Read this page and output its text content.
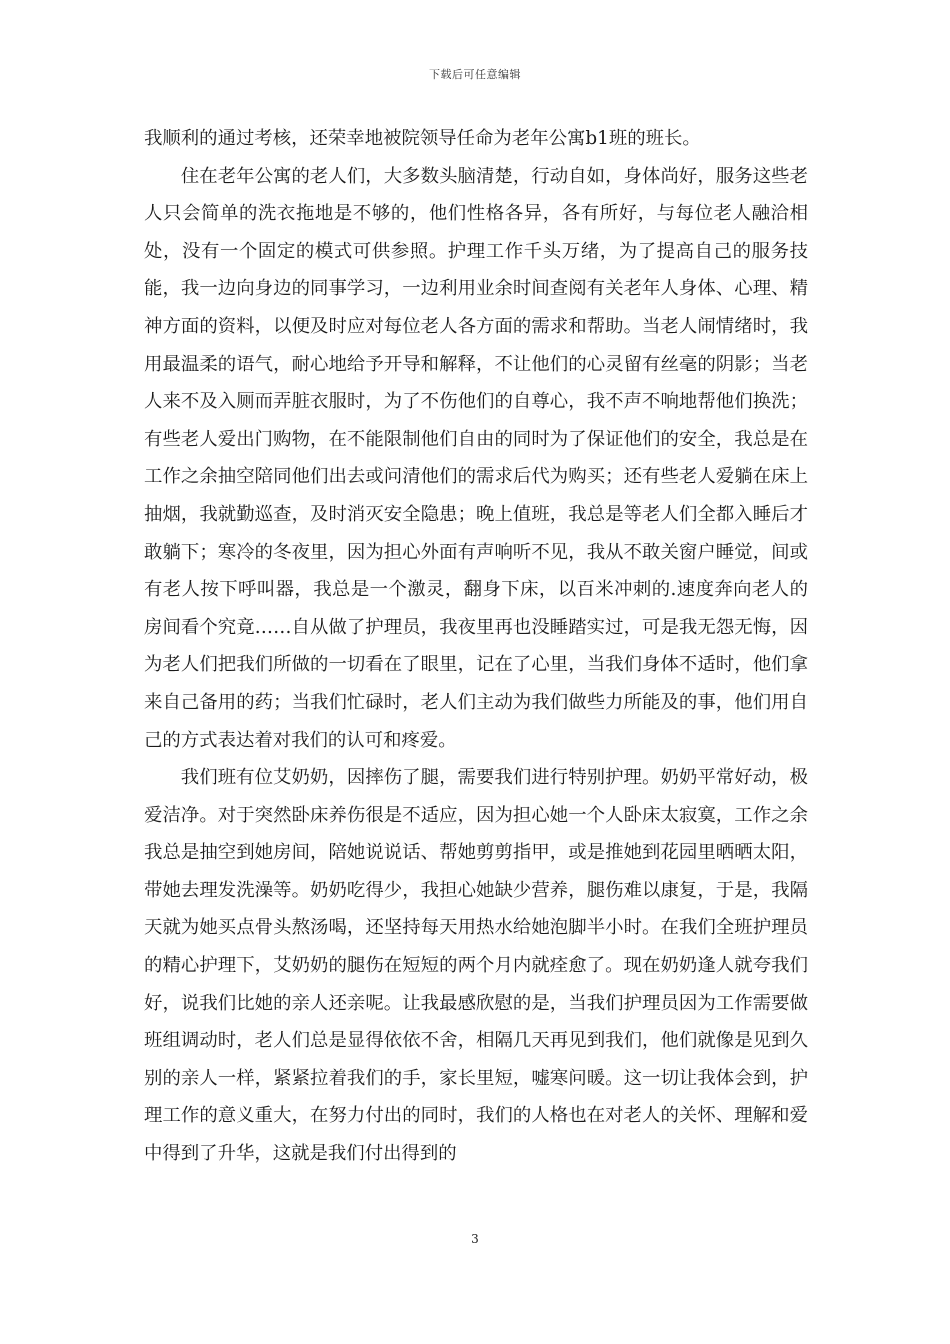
下载后可任意编辑

我顺利的通过考核，还荣幸地被院领导任命为老年公寓b1班的班长。

住在老年公寓的老人们，大多数头脑清楚，行动自如，身体尚好，服务这些老人只会简单的洗衣拖地是不够的，他们性格各异，各有所好，与每位老人融洽相处，没有一个固定的模式可供参照。护理工作千头万绪，为了提高自己的服务技能，我一边向身边的同事学习，一边利用业余时间查阅有关老年人身体、心理、精神方面的资料，以便及时应对每位老人各方面的需求和帮助。当老人闹情绪时，我用最温柔的语气，耐心地给予开导和解释，不让他们的心灵留有丝毫的阴影；当老人来不及入厕而弄脏衣服时，为了不伤他们的自尊心，我不声不响地帮他们换洗；有些老人爱出门购物，在不能限制他们自由的同时为了保证他们的安全，我总是在工作之余抽空陪同他们出去或问清他们的需求后代为购买；还有些老人爱躺在床上抽烟，我就勤巡查，及时消灭安全隐患；晚上值班，我总是等老人们全都入睡后才敢躺下；寒冷的冬夜里，因为担心外面有声响听不见，我从不敢关窗户睡觉，间或有老人按下呼叫器，我总是一个激灵，翻身下床，以百米冲刺的.速度奔向老人的房间看个究竟……自从做了护理员，我夜里再也没睡踏实过，可是我无怨无悔，因为老人们把我们所做的一切看在了眼里，记在了心里，当我们身体不适时，他们拿来自己备用的药；当我们忙碌时，老人们主动为我们做些力所能及的事，他们用自己的方式表达着对我们的认可和疼爱。

我们班有位艾奶奶，因摔伤了腿，需要我们进行特别护理。奶奶平常好动，极爱洁净。对于突然卧床养伤很是不适应，因为担心她一个人卧床太寂寞，工作之余我总是抽空到她房间，陪她说说话、帮她剪剪指甲，或是推她到花园里晒晒太阳，带她去理发洗澡等。奶奶吃得少，我担心她缺少营养，腿伤难以康复，于是，我隔天就为她买点骨头熬汤喝，还坚持每天用热水给她泡脚半小时。在我们全班护理员的精心护理下，艾奶奶的腿伤在短短的两个月内就痊愈了。现在奶奶逢人就夸我们好，说我们比她的亲人还亲呢。让我最感欣慰的是，当我们护理员因为工作需要做班组调动时，老人们总是显得依依不舍，相隔几天再见到我们，他们就像是见到久别的亲人一样，紧紧拉着我们的手，家长里短，嘘寒问暖。这一切让我体会到，护理工作的意义重大，在努力付出的同时，我们的人格也在对老人的关怀、理解和爱中得到了升华，这就是我们付出得到的

3
